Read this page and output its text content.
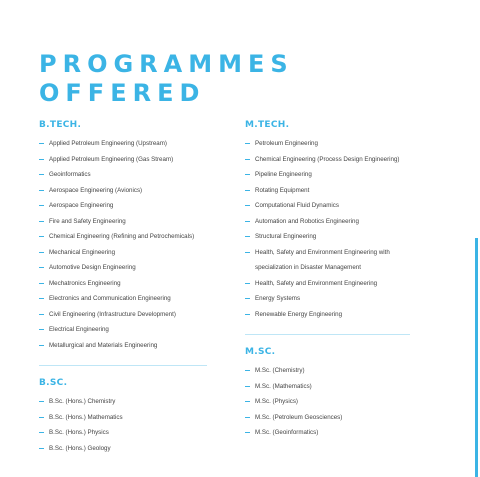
PROGRAMMES
OFFERED
B.TECH.
Applied Petroleum Engineering (Upstream)
Applied Petroleum Engineering (Gas Stream)
Geoinformatics
Aerospace Engineering (Avionics)
Aerospace Engineering
Fire and Safety Engineering
Chemical Engineering (Refining and Petrochemicals)
Mechanical Engineering
Automotive Design Engineering
Mechatronics Engineering
Electronics and Communication Engineering
Civil Engineering (Infrastructure Development)
Electrical Engineering
Metallurgical and Materials Engineering
B.SC.
B.Sc. (Hons.) Chemistry
B.Sc. (Hons.) Mathematics
B.Sc. (Hons.) Physics
B.Sc. (Hons.) Geology
M.TECH.
Petroleum Engineering
Chemical Engineering (Process Design Engineering)
Pipeline Engineering
Rotating Equipment
Computational Fluid Dynamics
Automation and Robotics Engineering
Structural Engineering
Health, Safety and Environment Engineering with
specialization in Disaster Management
Health, Safety and Environment Engineering
Energy Systems
Renewable Energy Engineering
M.SC.
M.Sc. (Chemistry)
M.Sc. (Mathematics)
M.Sc. (Physics)
M.Sc. (Petroleum Geosciences)
M.Sc. (Geoinformatics)
